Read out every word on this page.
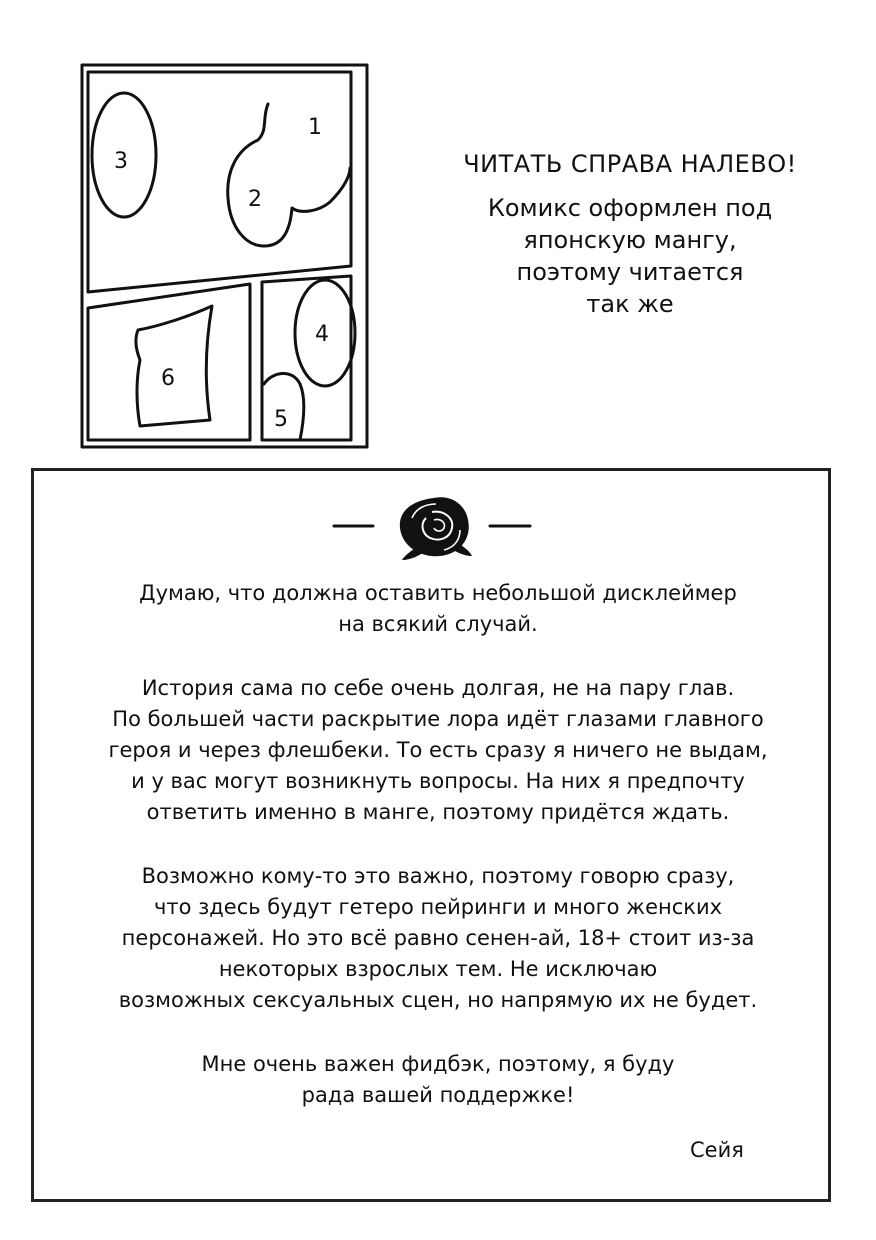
1
2
3
4
5
6
ЧИТАТЬ СПРАВА НАЛЕВО!
Комикс оформлен под
японскую мангу,
поэтому читается
так же
Думаю, что должна оставить небольшой дисклеймер
на всякий случай.
История сама по себе очень долгая, не на пару глав.
По большей части раскрытие лора идёт глазами главного
героя и через флешбеки. То есть сразу я ничего не выдам,
и у вас могут возникнуть вопросы. На них я предпочту
ответить именно в манге, поэтому придётся ждать.
Возможно кому-то это важно, поэтому говорю сразу,
что здесь будут гетеро пейринги и много женских
персонажей. Но это всё равно сенен-ай, 18+ стоит из-за
некоторых взрослых тем. Не исключаю
возможных сексуальных сцен, но напрямую их не будет.
Мне очень важен фидбэк, поэтому, я буду
рада вашей поддержке!
Сейя
